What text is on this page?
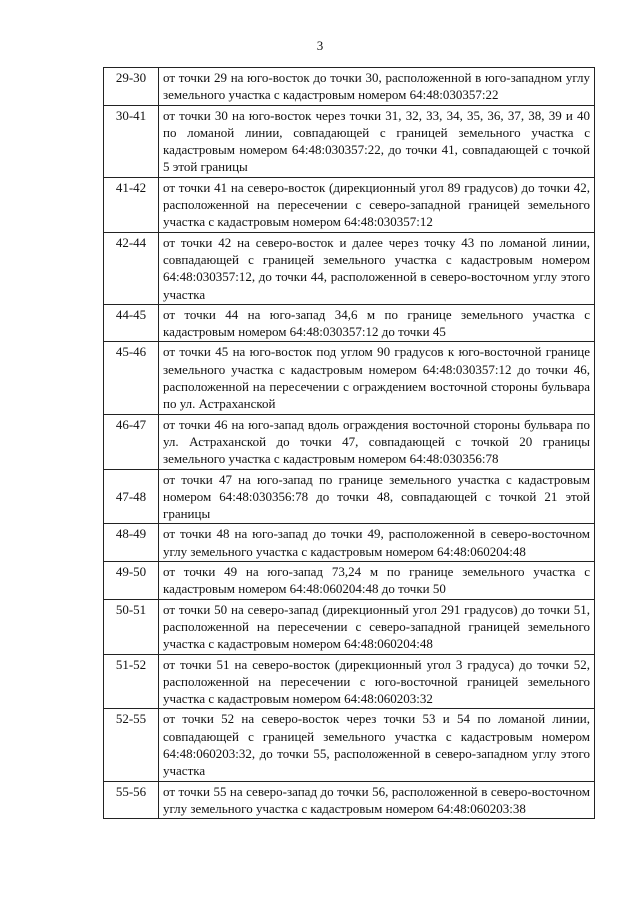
3
29-30	от точки 29 на юго-восток до точки 30, расположенной в юго-западном углу земельного участка с кадастровым номером 64:48:030357:22
30-41	от точки 30 на юго-восток через точки 31, 32, 33, 34, 35, 36, 37, 38, 39 и 40 по ломаной линии, совпадающей с границей земельного участка с кадастровым номером 64:48:030357:22, до точки 41, совпадающей с точкой 5 этой границы
41-42	от точки 41 на северо-восток (дирекционный угол 89 градусов) до точки 42, расположенной на пересечении с северо-западной границей земельного участка с кадастровым номером 64:48:030357:12
42-44	от точки 42 на северо-восток и далее через точку 43 по ломаной линии, совпадающей с границей земельного участка с кадастровым номером 64:48:030357:12, до точки 44, расположенной в северо-восточном углу этого участка
44-45	от точки 44 на юго-запад 34,6 м по границе земельного участка с кадастровым номером 64:48:030357:12 до точки 45
45-46	от точки 45 на юго-восток под углом 90 градусов к юго-восточной границе земельного участка с кадастровым номером 64:48:030357:12 до точки 46, расположенной на пересечении с ограждением восточной стороны бульвара по ул. Астраханской
46-47	от точки 46 на юго-запад вдоль ограждения восточной стороны бульвара по ул. Астраханской до точки 47, совпадающей с точкой 20 границы земельного участка с кадастровым номером 64:48:030356:78
47-48	от точки 47 на юго-запад по границе земельного участка с кадастровым номером 64:48:030356:78 до точки 48, совпадающей с точкой 21 этой границы
48-49	от точки 48 на юго-запад до точки 49, расположенной в северо-восточном углу земельного участка с кадастровым номером 64:48:060204:48
49-50	от точки 49 на юго-запад 73,24 м по границе земельного участка с кадастровым номером 64:48:060204:48 до точки 50
50-51	от точки 50 на северо-запад (дирекционный угол 291 градусов) до точки 51, расположенной на пересечении с северо-западной границей земельного участка с кадастровым номером 64:48:060204:48
51-52	от точки 51 на северо-восток (дирекционный угол 3 градуса) до точки 52, расположенной на пересечении с юго-восточной границей земельного участка с кадастровым номером 64:48:060203:32
52-55	от точки 52 на северо-восток через точки 53 и 54 по ломаной линии, совпадающей с границей земельного участка с кадастровым номером 64:48:060203:32, до точки 55, расположенной в северо-западном углу этого участка
55-56	от точки 55 на северо-запад до точки 56, расположенной в северо-восточном углу земельного участка с кадастровым номером 64:48:060203:38
